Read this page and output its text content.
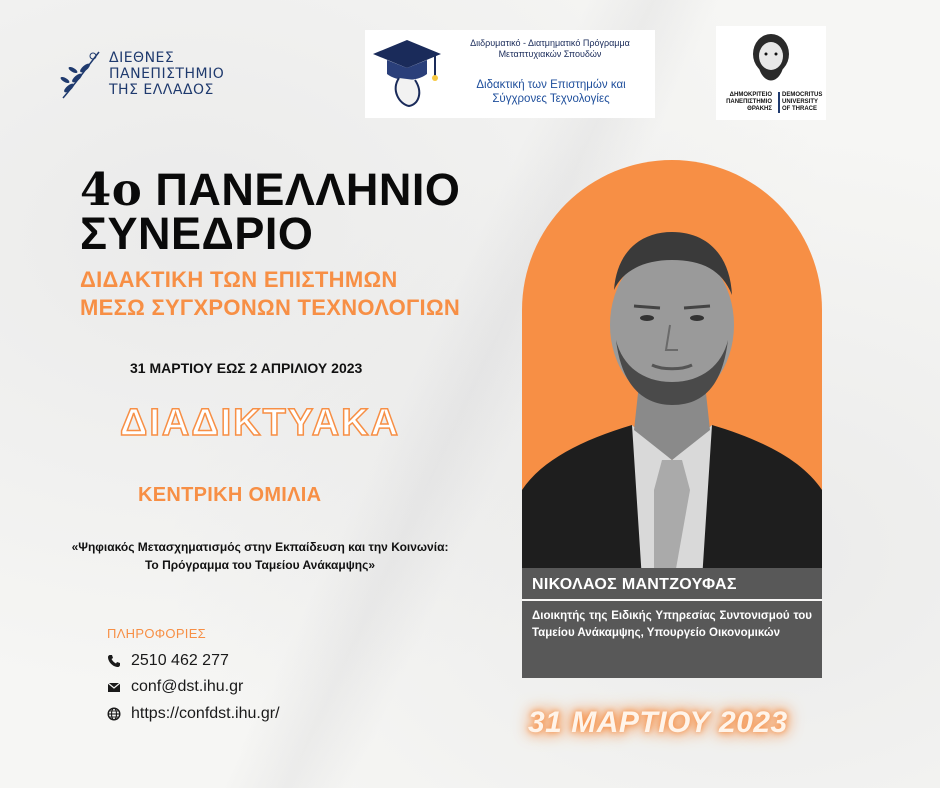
ΔΙΕΘΝΕΣ
ΠΑΝΕΠΙΣΤΗΜΙΟ
ΤΗΣ ΕΛΛΑΔΟΣ
Διιδρυματικό - Διατμηματικό Πρόγραμμα
Μεταπτυχιακών Σπουδών
Διδακτική των Επιστημών και
Σύγχρονες Τεχνολογίες	ΔΗΜΟΚΡΙΤΕΙΟ
ΠΑΝΕΠΙΣΤΗΜΙΟ
ΘΡΑΚΗΣ
DEMOCRITUS
UNIVERSITY
OF THRACE
4ο ΠΑΝΕΛΛΗΝΙΟ
ΣΥΝΕΔΡΙΟ
ΔΙΔΑΚΤΙΚΗ ΤΩΝ ΕΠΙΣΤΗΜΩΝ
ΜΕΣΩ ΣΥΓΧΡΟΝΩΝ ΤΕΧΝΟΛΟΓΙΩΝ
31 ΜΑΡΤΙΟΥ ΕΩΣ 2 ΑΠΡΙΛΙΟΥ 2023
ΔΙΑΔΙΚΤΥΑΚΑ
ΚΕΝΤΡΙΚΗ ΟΜΙΛΙΑ
«Ψηφιακός Μετασχηματισμός στην Εκπαίδευση και την Κοινωνία:
Το Πρόγραμμα του Ταμείου Ανάκαμψης»
ΠΛΗΡΟΦΟΡΙΕΣ
2510 462 277
conf@dst.ihu.gr
https://confdst.ihu.gr/
ΝΙΚΟΛΑΟΣ ΜΑΝΤΖΟΥΦΑΣ
Διοικητής της Ειδικής Υπηρεσίας Συντονισμού του Ταμείου Ανάκαμψης, Υπουργείο Οικονομικών
31 ΜΑΡΤΙΟΥ 2023
